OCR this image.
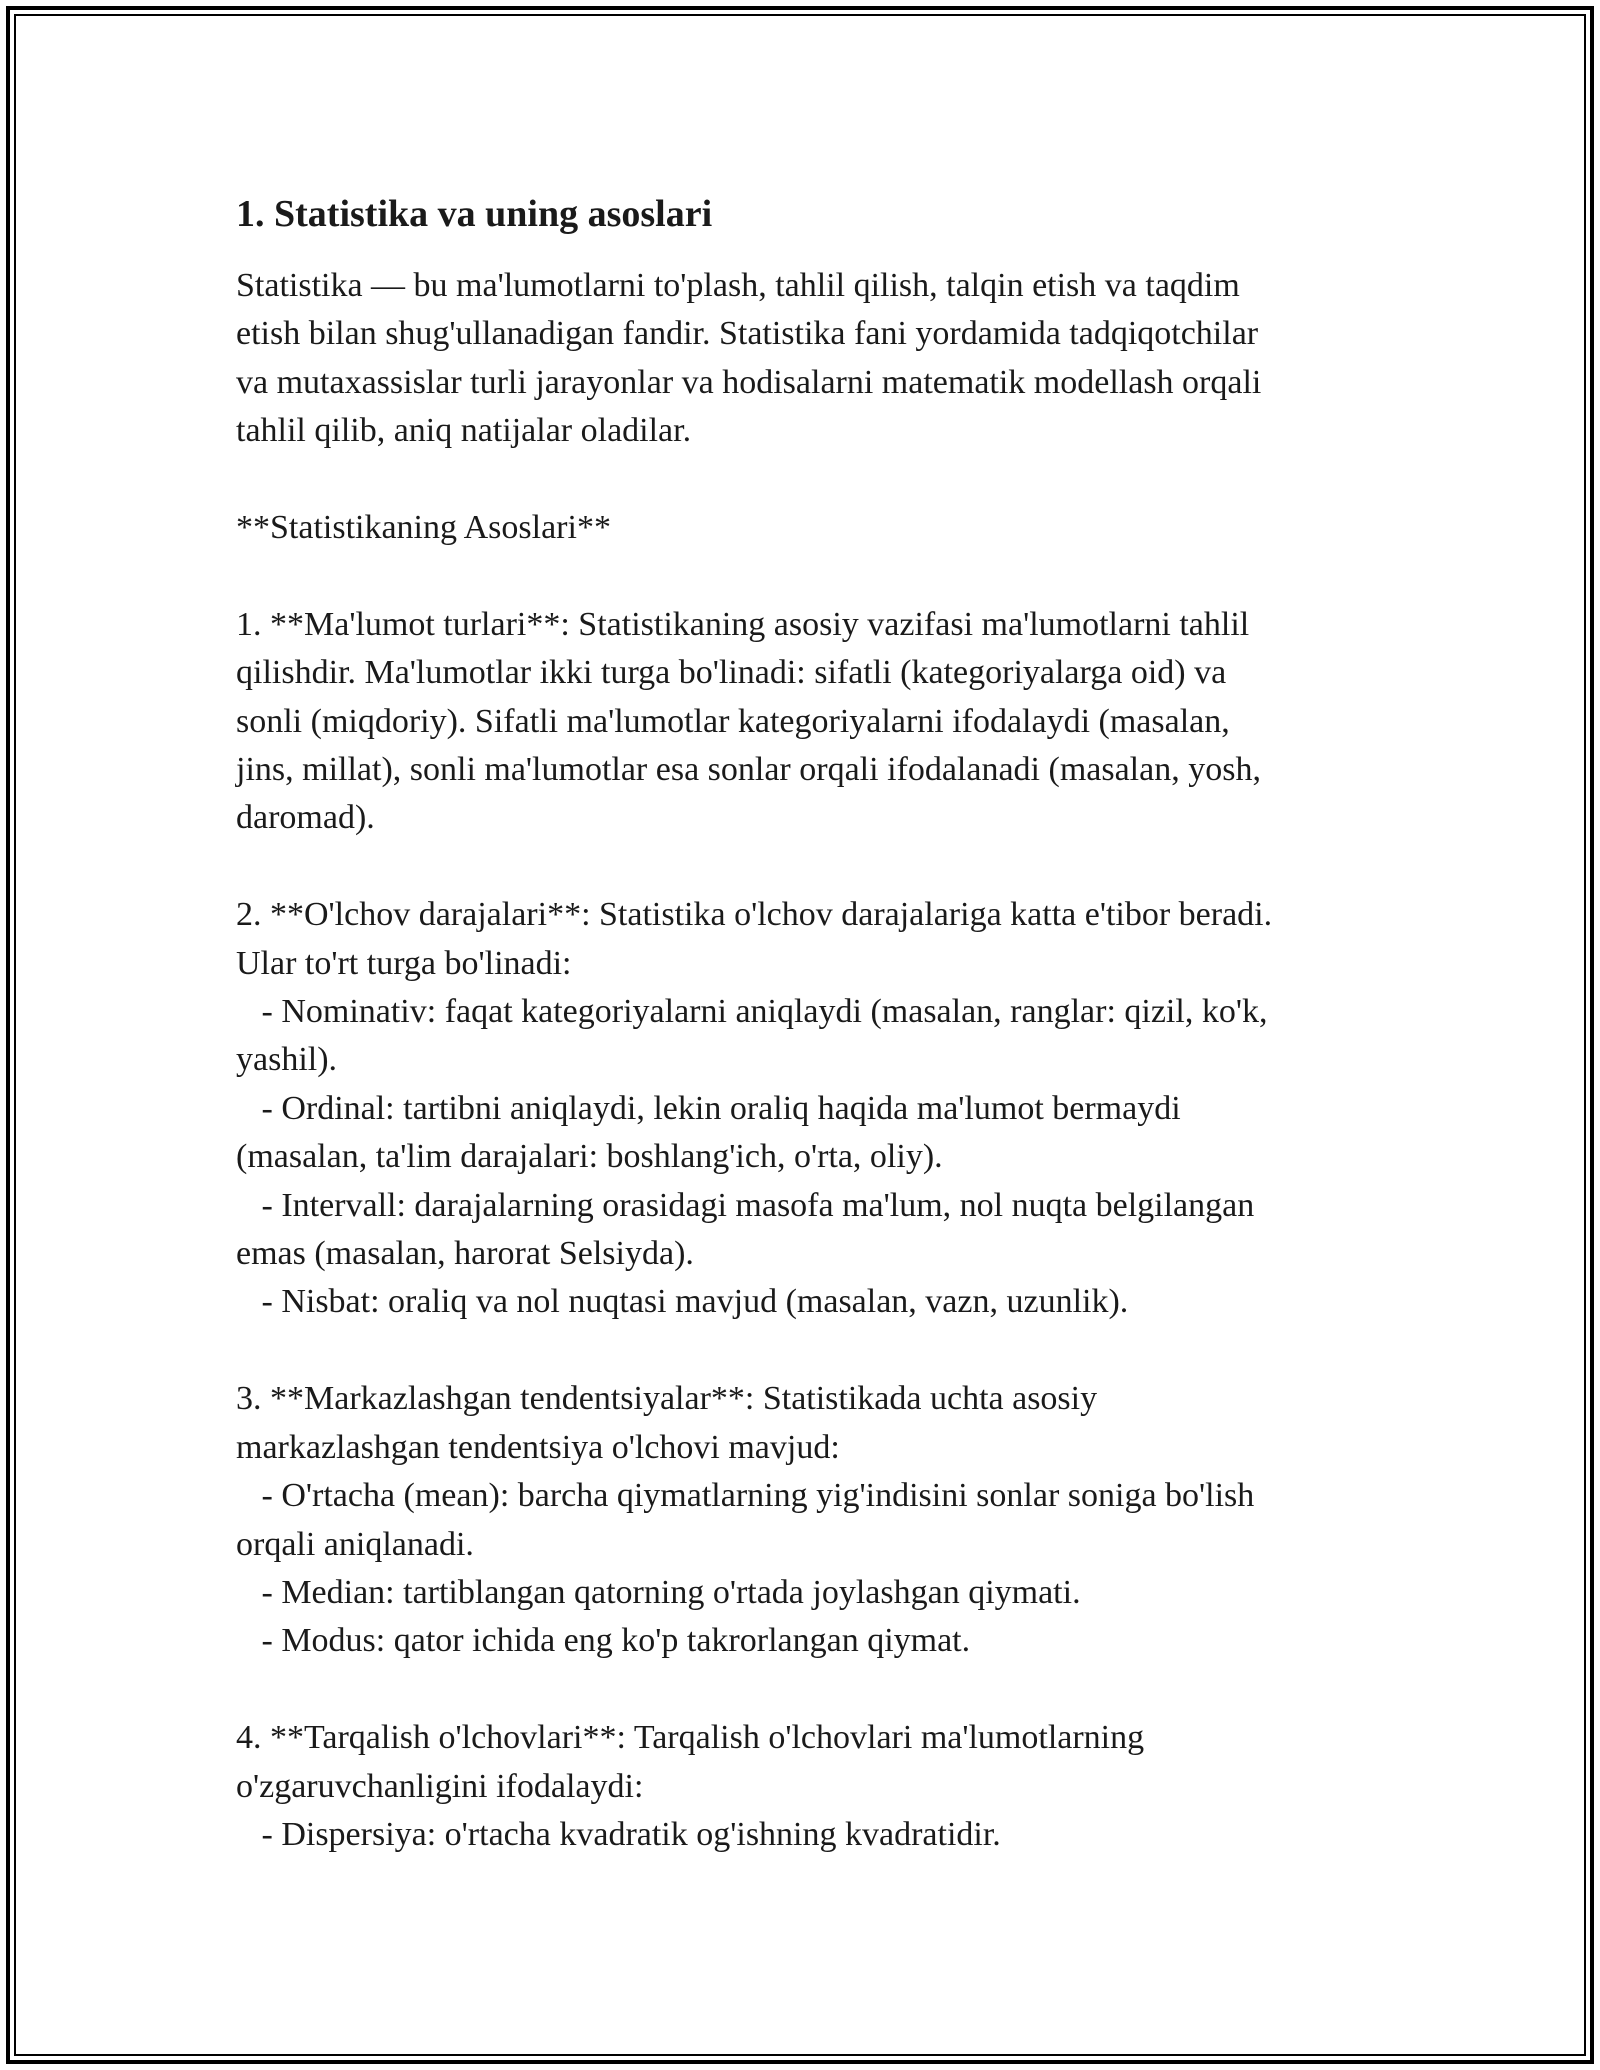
1. Statistika va uning asoslari
Statistika — bu ma'lumotlarni to'plash, tahlil qilish, talqin etish va taqdim
etish bilan shug'ullanadigan fandir. Statistika fani yordamida tadqiqotchilar
va mutaxassislar turli jarayonlar va hodisalarni matematik modellash orqali
tahlil qilib, aniq natijalar oladilar.
**Statistikaning Asoslari**
1. **Ma'lumot turlari**: Statistikaning asosiy vazifasi ma'lumotlarni tahlil
qilishdir. Ma'lumotlar ikki turga bo'linadi: sifatli (kategoriyalarga oid) va
sonli (miqdoriy). Sifatli ma'lumotlar kategoriyalarni ifodalaydi (masalan,
jins, millat), sonli ma'lumotlar esa sonlar orqali ifodalanadi (masalan, yosh,
daromad).
2. **O'lchov darajalari**: Statistika o'lchov darajalariga katta e'tibor beradi.
Ular to'rt turga bo'linadi:
- Nominativ: faqat kategoriyalarni aniqlaydi (masalan, ranglar: qizil, ko'k,
yashil).
- Ordinal: tartibni aniqlaydi, lekin oraliq haqida ma'lumot bermaydi
(masalan, ta'lim darajalari: boshlang'ich, o'rta, oliy).
- Intervall: darajalarning orasidagi masofa ma'lum, nol nuqta belgilangan
emas (masalan, harorat Selsiyda).
- Nisbat: oraliq va nol nuqtasi mavjud (masalan, vazn, uzunlik).
3. **Markazlashgan tendentsiyalar**: Statistikada uchta asosiy
markazlashgan tendentsiya o'lchovi mavjud:
- O'rtacha (mean): barcha qiymatlarning yig'indisini sonlar soniga bo'lish
orqali aniqlanadi.
- Median: tartiblangan qatorning o'rtada joylashgan qiymati.
- Modus: qator ichida eng ko'p takrorlangan qiymat.
4. **Tarqalish o'lchovlari**: Tarqalish o'lchovlari ma'lumotlarning
o'zgaruvchanligini ifodalaydi:
- Dispersiya: o'rtacha kvadratik og'ishning kvadratidir.
